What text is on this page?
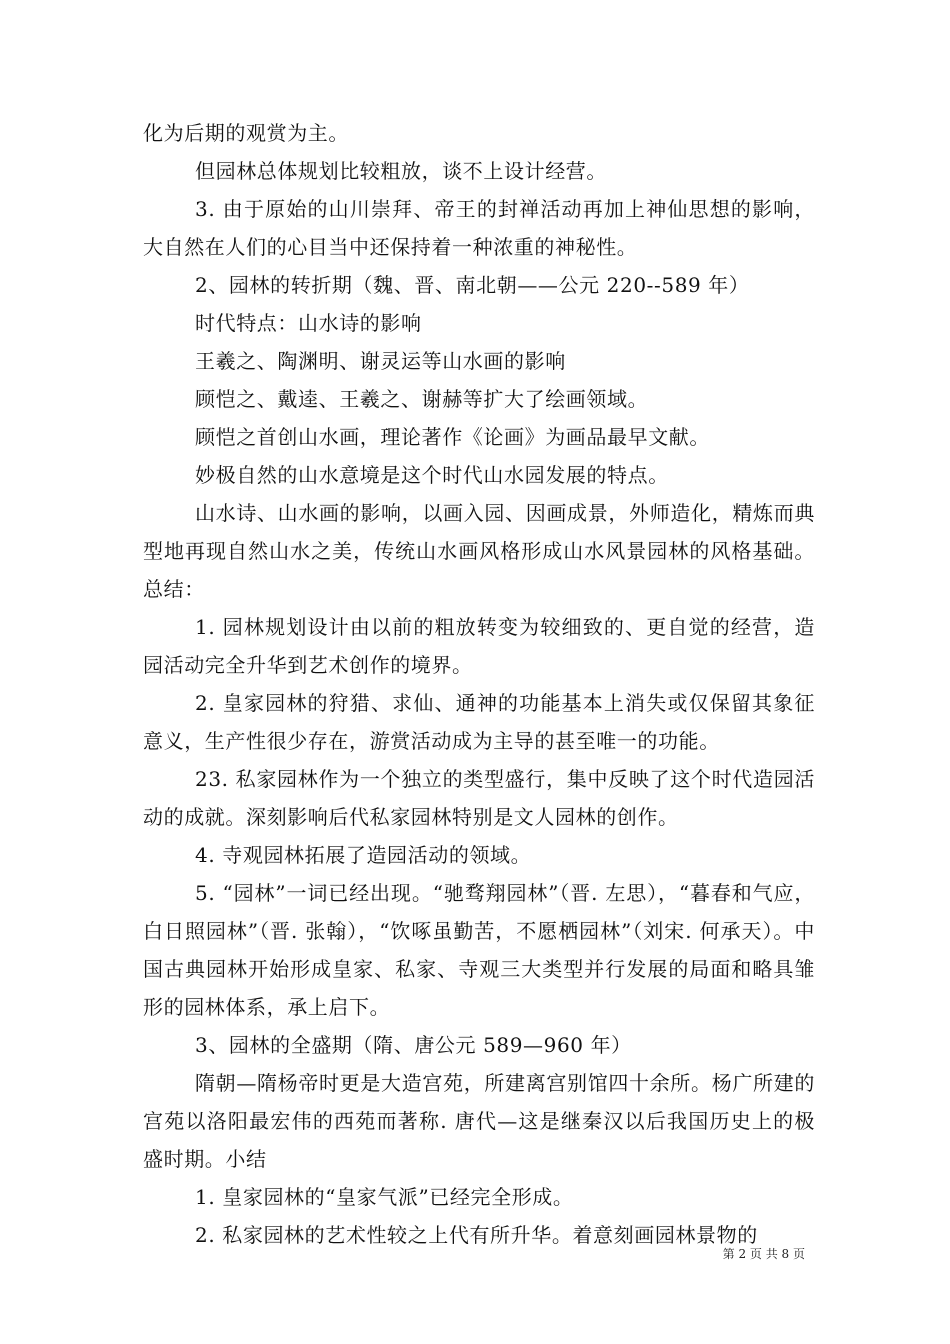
化为后期的观赏为主。

但园林总体规划比较粗放，谈不上设计经营。

3. 由于原始的山川崇拜、帝王的封禅活动再加上神仙思想的影响，大自然在人们的心目当中还保持着一种浓重的神秘性。

2、园林的转折期（魏、晋、南北朝——公元 220--589 年）

时代特点：山水诗的影响

王羲之、陶渊明、谢灵运等山水画的影响

顾恺之、戴逵、王羲之、谢赫等扩大了绘画领域。

顾恺之首创山水画，理论著作《论画》为画品最早文献。

妙极自然的山水意境是这个时代山水园发展的特点。

山水诗、山水画的影响，以画入园、因画成景，外师造化，精炼而典型地再现自然山水之美，传统山水画风格形成山水风景园林的风格基础。总结：

1. 园林规划设计由以前的粗放转变为较细致的、更自觉的经营，造园活动完全升华到艺术创作的境界。

2. 皇家园林的狩猎、求仙、通神的功能基本上消失或仅保留其象征意义，生产性很少存在，游赏活动成为主导的甚至唯一的功能。

23. 私家园林作为一个独立的类型盛行，集中反映了这个时代造园活动的成就。深刻影响后代私家园林特别是文人园林的创作。

4. 寺观园林拓展了造园活动的领域。

5. “园林”一词已经出现。“驰骛翔园林”（晋. 左思），“暮春和气应，白日照园林”（晋. 张翰），“饮啄虽勤苦，不愿栖园林”（刘宋. 何承天）。中国古典园林开始形成皇家、私家、寺观三大类型并行发展的局面和略具雏形的园林体系，承上启下。

3、园林的全盛期（隋、唐公元 589—960 年）

隋朝—隋杨帝时更是大造宫苑，所建离宫别馆四十余所。杨广所建的宫苑以洛阳最宏伟的西苑而著称. 唐代—这是继秦汉以后我国历史上的极盛时期。小结

1. 皇家园林的“皇家气派”已经完全形成。

2. 私家园林的艺术性较之上代有所升华。着意刻画园林景物的

第 2 页 共 8 页
